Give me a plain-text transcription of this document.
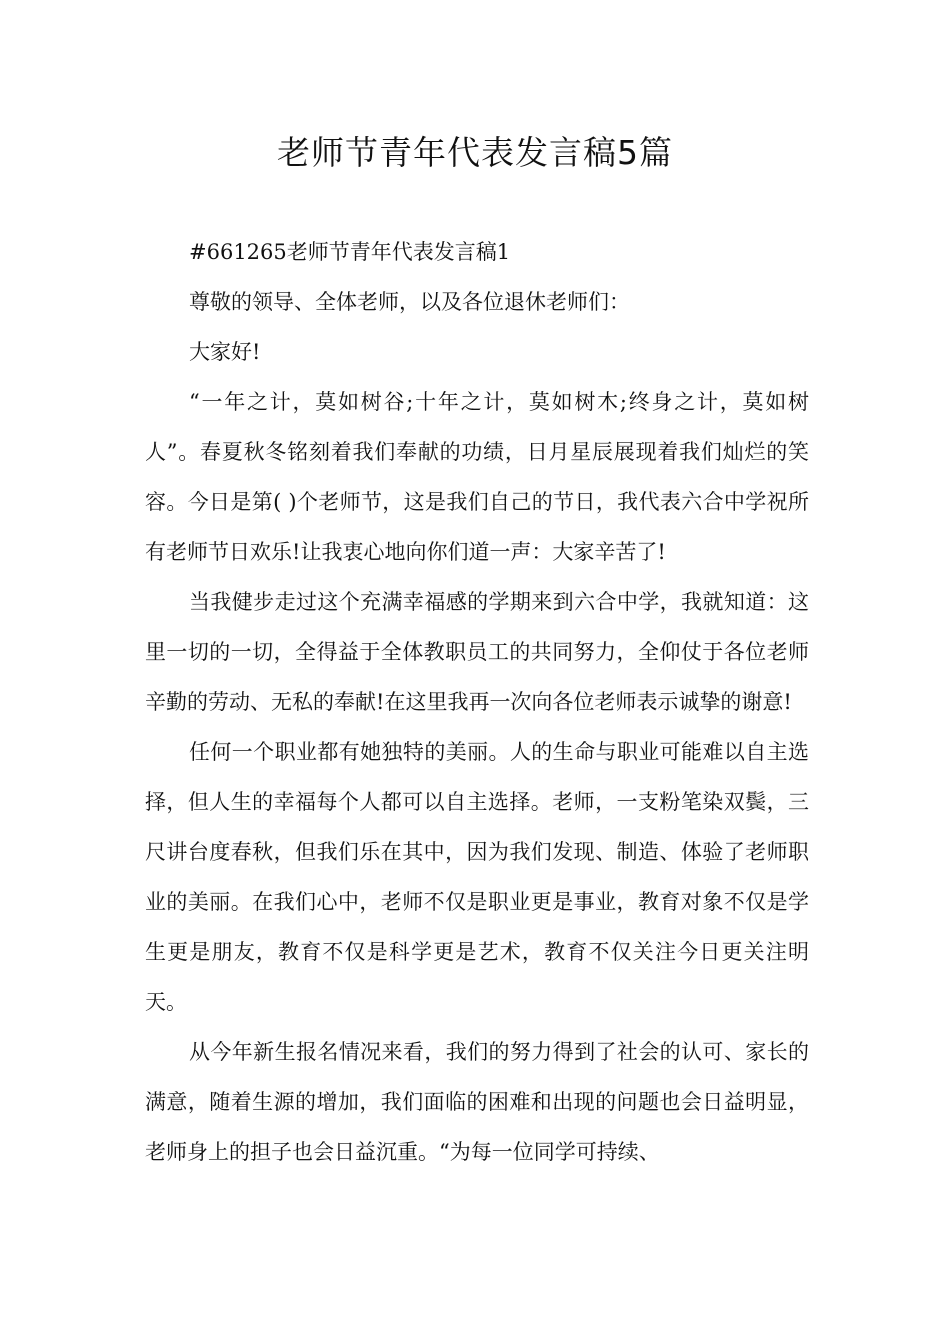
老师节青年代表发言稿5篇

#661265老师节青年代表发言稿1

尊敬的领导、全体老师，以及各位退休老师们：

大家好!

“一年之计，莫如树谷;十年之计，莫如树木;终身之计，莫如树人”。春夏秋冬铭刻着我们奉献的功绩，日月星辰展现着我们灿烂的笑容。今日是第( )个老师节，这是我们自己的节日，我代表六合中学祝所有老师节日欢乐!让我衷心地向你们道一声：大家辛苦了!

当我健步走过这个充满幸福感的学期来到六合中学，我就知道：这里一切的一切，全得益于全体教职员工的共同努力，全仰仗于各位老师辛勤的劳动、无私的奉献!在这里我再一次向各位老师表示诚挚的谢意!

任何一个职业都有她独特的美丽。人的生命与职业可能难以自主选择，但人生的幸福每个人都可以自主选择。老师，一支粉笔染双鬓，三尺讲台度春秋，但我们乐在其中，因为我们发现、制造、体验了老师职业的美丽。在我们心中，老师不仅是职业更是事业，教育对象不仅是学生更是朋友，教育不仅是科学更是艺术，教育不仅关注今日更关注明天。

从今年新生报名情况来看，我们的努力得到了社会的认可、家长的满意，随着生源的增加，我们面临的困难和出现的问题也会日益明显，老师身上的担子也会日益沉重。“为每一位同学可持续、
